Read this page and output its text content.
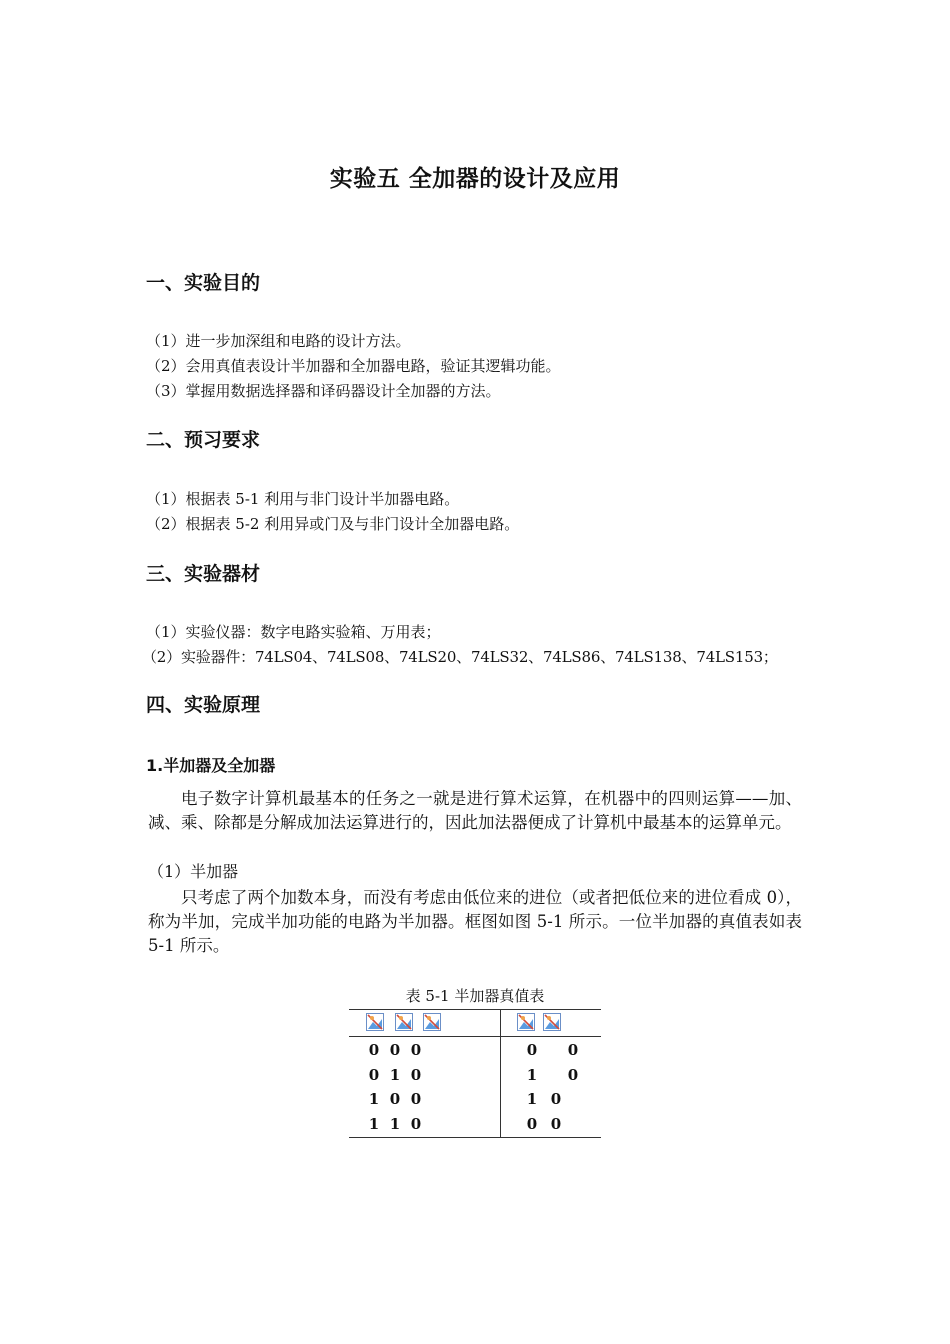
实验五 全加器的设计及应用
一、实验目的
（1）进一步加深组和电路的设计方法。
（2）会用真值表设计半加器和全加器电路，验证其逻辑功能。
（3）掌握用数据选择器和译码器设计全加器的方法。
二、预习要求
（1）根据表 5-1 利用与非门设计半加器电路。
（2）根据表 5-2 利用异或门及与非门设计全加器电路。
三、实验器材
（1）实验仪器：数字电路实验箱、万用表；
（2）实验器件：74LS04、74LS08、74LS20、74LS32、74LS86、74LS138、74LS153；
四、实验原理
1.半加器及全加器

电子数字计算机最基本的任务之一就是进行算术运算，在机器中的四则运算——加、减、乘、除都是分解成加法运算进行的，因此加法器便成了计算机中最基本的运算单元。

（1）半加器

只考虑了两个加数本身，而没有考虑由低位来的进位（或者把低位来的进位看成 0），称为半加，完成半加功能的电路为半加器。框图如图 5-1 所示。一位半加器的真值表如表 5-1 所示。

表 5-1 半加器真值表
0 0 0	0 0
0 1 0	1 0
1 0 0	1 0
1 1 0	0 0
